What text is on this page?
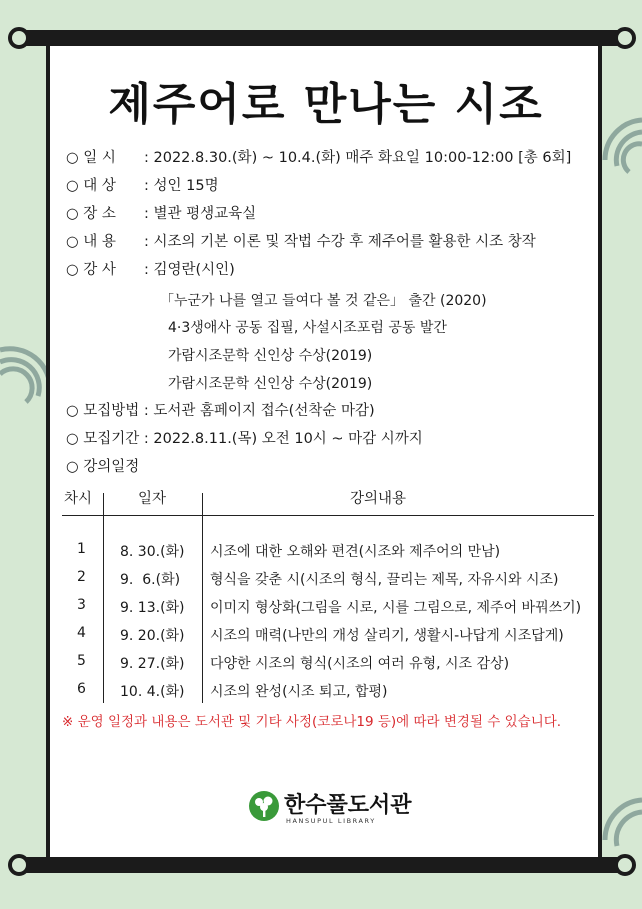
제주어로 만나는 시조
○ 일 시 : 2022.8.30.(화) ~ 10.4.(화) 매주 화요일 10:00-12:00 [총 6회]
○ 대 상 : 성인 15명
○ 장 소 : 별관 평생교육실
○ 내 용 : 시조의 기본 이론 및 작법 수강 후 제주어를 활용한 시조 창작
○ 강 사 : 김영란(시인)
「누군가 나를 열고 들여다 볼 것 같은」 출간 (2020)
4·3생애사 공동 집필, 사설시조포럼 공동 발간
가람시조문학 신인상 수상(2019)
가람시조문학 신인상 수상(2019)
○ 모집방법 : 도서관 홈페이지 접수(선착순 마감)
○ 모집기간 : 2022.8.11.(목) 오전 10시 ~ 마감 시까지
○ 강의일정
차시	일자	강의내용
1 8. 30.(화) 시조에 대한 오해와 편견(시조와 제주어의 만남)
2 9.  6.(화) 형식을 갖춘 시(시조의 형식, 끌리는 제목, 자유시와 시조)
3 9. 13.(화) 이미지 형상화(그림을 시로, 시를 그림으로, 제주어 바꿔쓰기)
4 9. 20.(화) 시조의 매력(나만의 개성 살리기, 생활시-나답게 시조답게)
5 9. 27.(화) 다양한 시조의 형식(시조의 여러 유형, 시조 감상)
6 10. 4.(화) 시조의 완성(시조 퇴고, 합평)
※ 운영 일정과 내용은 도서관 및 기타 사정(코로나19 등)에 따라 변경될 수 있습니다.
한수풀도서관
HANSUPUL LIBRARY
